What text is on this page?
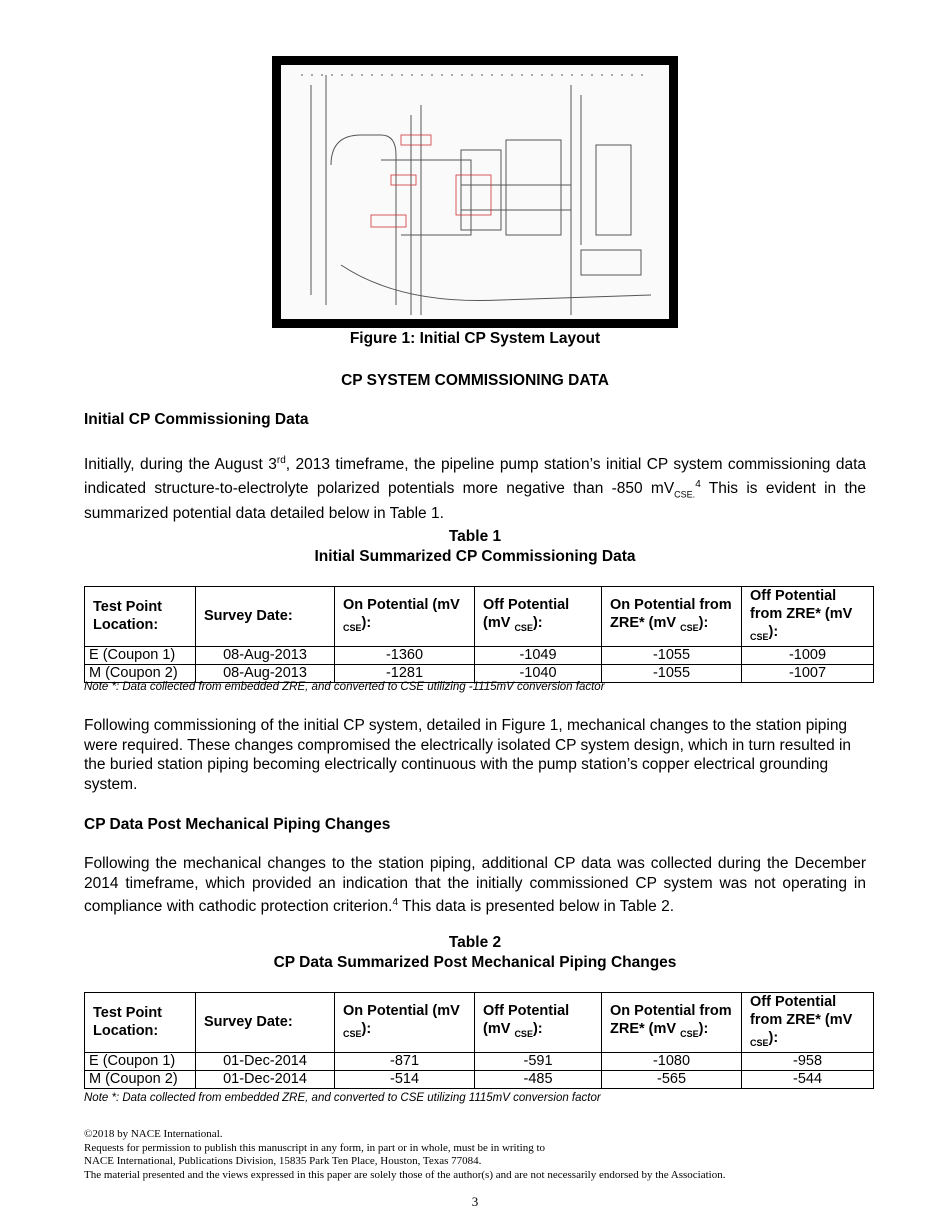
Figure 1: Initial CP System Layout
CP SYSTEM COMMISSIONING DATA
Initial CP Commissioning Data
Initially, during the August 3rd, 2013 timeframe, the pipeline pump station’s initial CP system commissioning data indicated structure-to-electrolyte polarized potentials more negative than -850 $mV_{CSE.}^4$ This is evident in the summarized potential data detailed below in Table 1.
Table 1
Initial Summarized CP Commissioning Data
Test Point Location:	Survey Date:	On Potential (mV $_{CSE}$):	Off Potential (mV $_{CSE}$):	On Potential from ZRE* (mV $_{CSE}$):	Off Potential from ZRE* (mV $_{CSE}$):
E (Coupon 1)	08-Aug-2013	-1360	-1049	-1055	-1009
M (Coupon 2)	08-Aug-2013	-1281	-1040	-1055	-1007
Note *: Data collected from embedded ZRE, and converted to CSE utilizing -1115mV conversion factor
Following commissioning of the initial CP system, detailed in Figure 1, mechanical changes to the station piping were required. These changes compromised the electrically isolated CP system design, which in turn resulted in the buried station piping becoming electrically continuous with the pump station’s copper electrical grounding system.
CP Data Post Mechanical Piping Changes
Following the mechanical changes to the station piping, additional CP data was collected during the December 2014 timeframe, which provided an indication that the initially commissioned CP system was not operating in compliance with cathodic protection criterion.$^4$ This data is presented below in Table 2.
Table 2
CP Data Summarized Post Mechanical Piping Changes
Test Point Location:	Survey Date:	On Potential (mV $_{CSE}$):	Off Potential (mV $_{CSE}$):	On Potential from ZRE* (mV $_{CSE}$):	Off Potential from ZRE* (mV $_{CSE}$):
E (Coupon 1)	01-Dec-2014	-871	-591	-1080	-958
M (Coupon 2)	01-Dec-2014	-514	-485	-565	-544
Note *: Data collected from embedded ZRE, and converted to CSE utilizing 1115mV conversion factor
©2018 by NACE International.
Requests for permission to publish this manuscript in any form, in part or in whole, must be in writing to
NACE International, Publications Division, 15835 Park Ten Place, Houston, Texas 77084.
The material presented and the views expressed in this paper are solely those of the author(s) and are not necessarily endorsed by the Association.
3
